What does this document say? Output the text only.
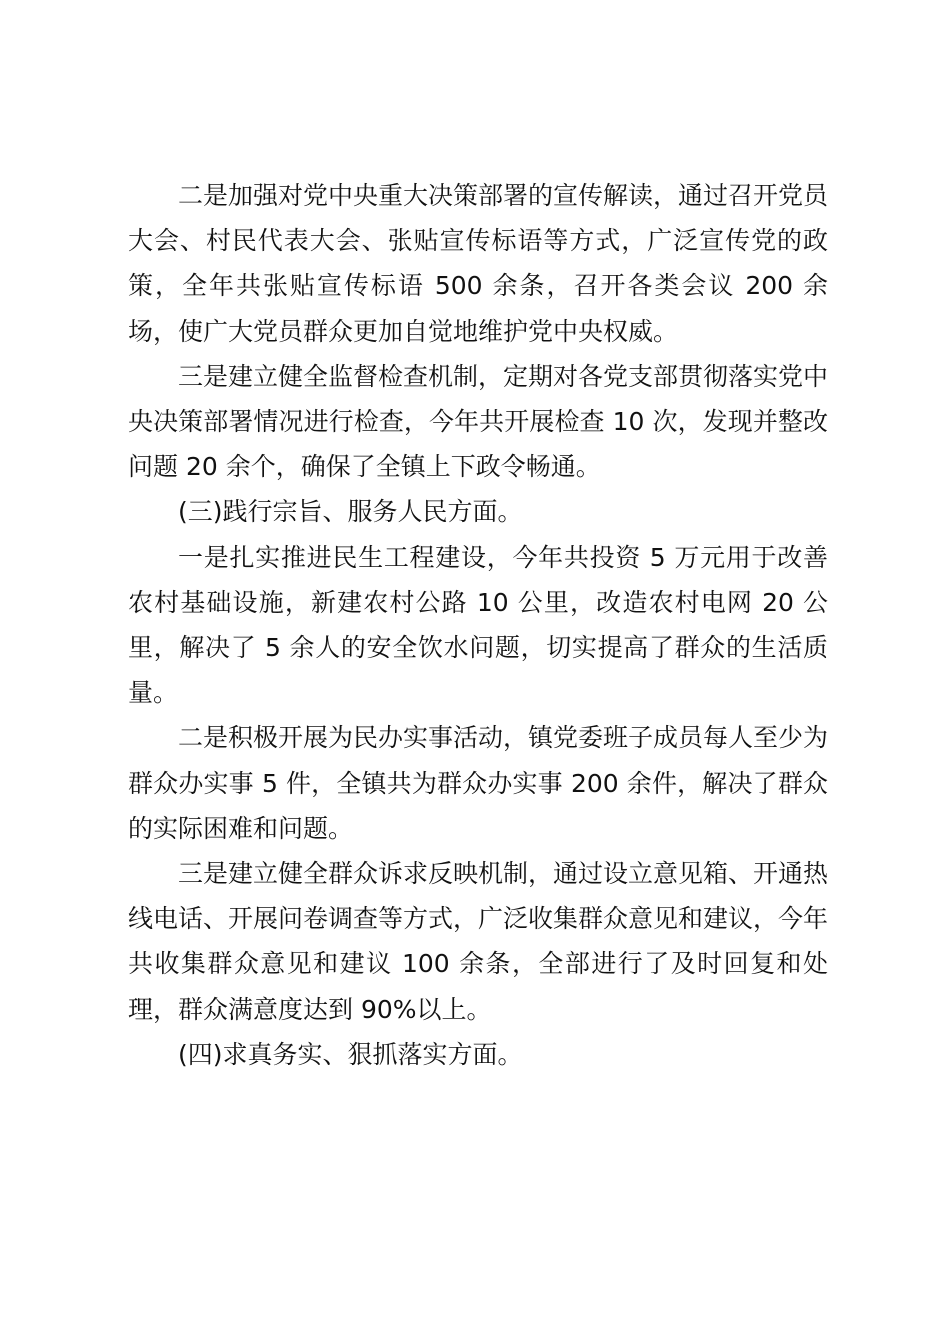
二是加强对党中央重大决策部署的宣传解读，通过召开党员大会、村民代表大会、张贴宣传标语等方式，广泛宣传党的政策，全年共张贴宣传标语 500 余条，召开各类会议 200 余场，使广大党员群众更加自觉地维护党中央权威。

三是建立健全监督检查机制，定期对各党支部贯彻落实党中央决策部署情况进行检查，今年共开展检查 10 次，发现并整改问题 20 余个，确保了全镇上下政令畅通。

(三)践行宗旨、服务人民方面。

一是扎实推进民生工程建设，今年共投资 5 万元用于改善农村基础设施，新建农村公路 10 公里，改造农村电网 20 公里，解决了 5 余人的安全饮水问题，切实提高了群众的生活质量。

二是积极开展为民办实事活动，镇党委班子成员每人至少为群众办实事 5 件，全镇共为群众办实事 200 余件，解决了群众的实际困难和问题。

三是建立健全群众诉求反映机制，通过设立意见箱、开通热线电话、开展问卷调查等方式，广泛收集群众意见和建议，今年共收集群众意见和建议 100 余条，全部进行了及时回复和处理，群众满意度达到 90%以上。

(四)求真务实、狠抓落实方面。
